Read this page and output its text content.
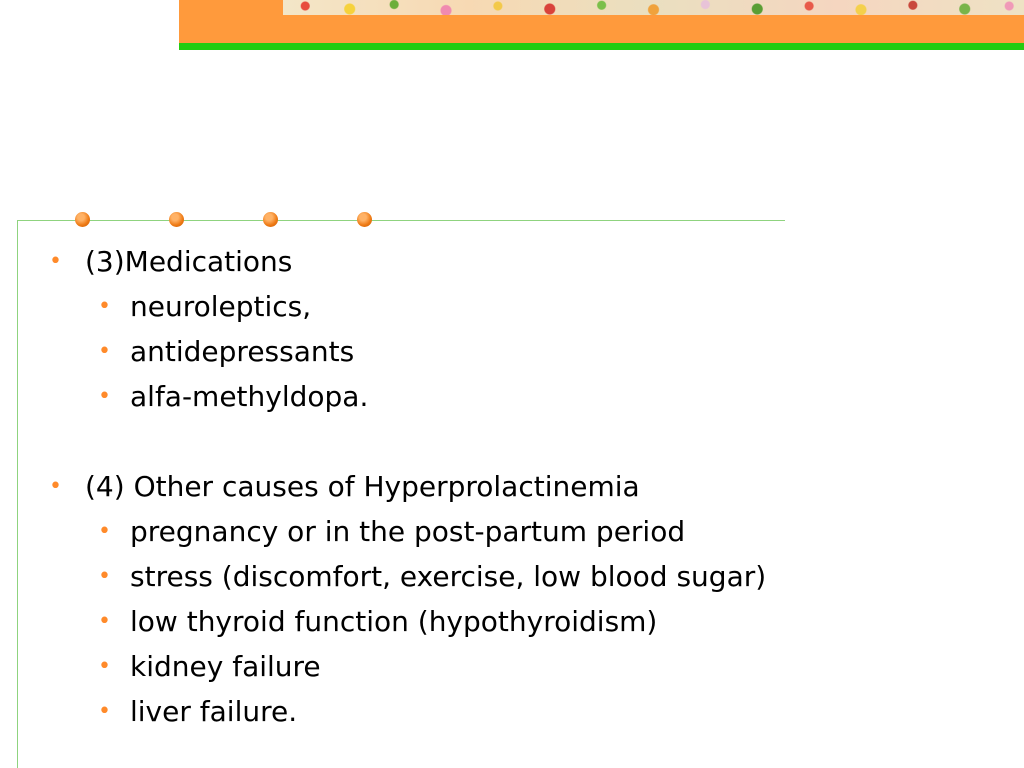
• (3)Medications
• neuroleptics,
• antidepressants
• alfa-methyldopa.
• (4) Other causes of Hyperprolactinemia
• pregnancy or in the post-partum period
• stress (discomfort, exercise, low blood sugar)
• low thyroid function (hypothyroidism)
• kidney failure
• liver failure.
